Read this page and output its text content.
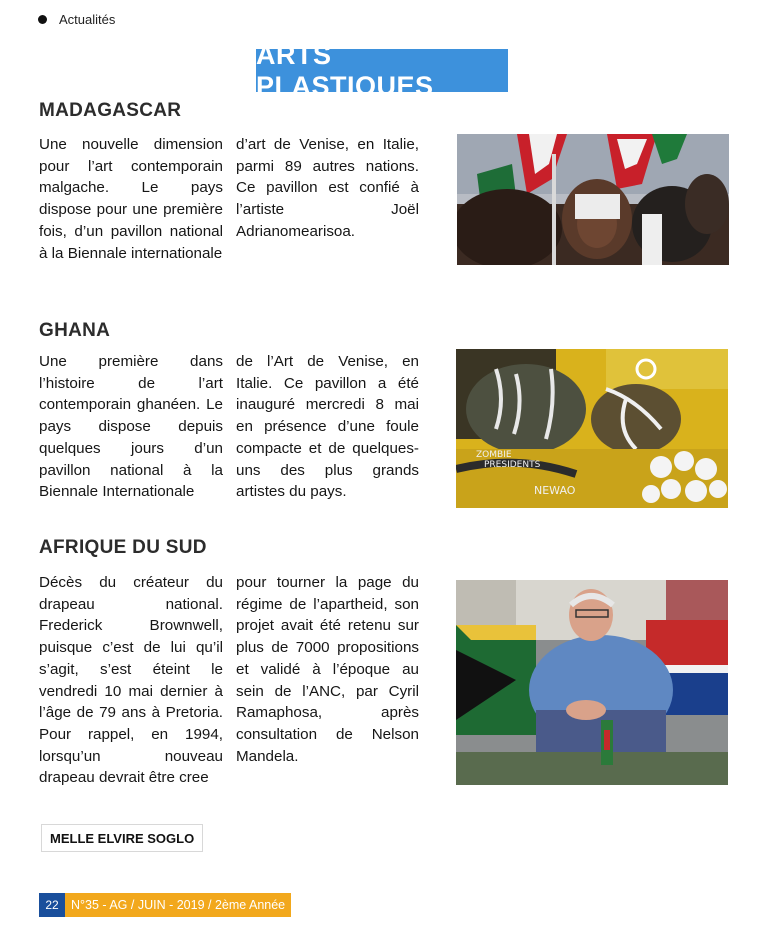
Actualités
ARTS PLASTIQUES
MADAGASCAR

Une nouvelle dimension pour l’art contemporain malgache. Le pays dispose pour une première fois, d’un pavillon national à la Biennale internationale

d’art de Venise, en Italie, parmi 89 autres nations. Ce pavillon est confié à l’artiste Joël Adrianomearisoa.

GHANA

Une première dans l’histoire de l’art contemporain ghanéen. Le pays dispose depuis quelques jours d’un pavillon national à la Biennale Internationale

de l’Art de Venise, en Italie. Ce pavillon a été inauguré mercredi 8 mai en présence d’une foule compacte et de quelques-uns des plus grands artistes du pays.

ZOMBIE
PRESIDENTS
NEWAO
AFRIQUE DU SUD

Décès du créateur du drapeau national. Frederick Brownwell, puisque c’est de lui qu’il s’agit, s’est éteint le vendredi 10 mai dernier à l’âge de 79 ans à Pretoria. Pour rappel, en 1994, lorsqu’un nouveau drapeau devrait être cree

pour tourner la page du régime de l’apartheid, son projet avait été retenu sur plus de 7000 propositions et validé à l’époque au sein de l’ANC, par Cyril Ramaphosa, après consultation de Nelson Mandela.

MELLE ELVIRE SOGLO
22 N°35 - AG / JUIN - 2019 / 2ème Année
